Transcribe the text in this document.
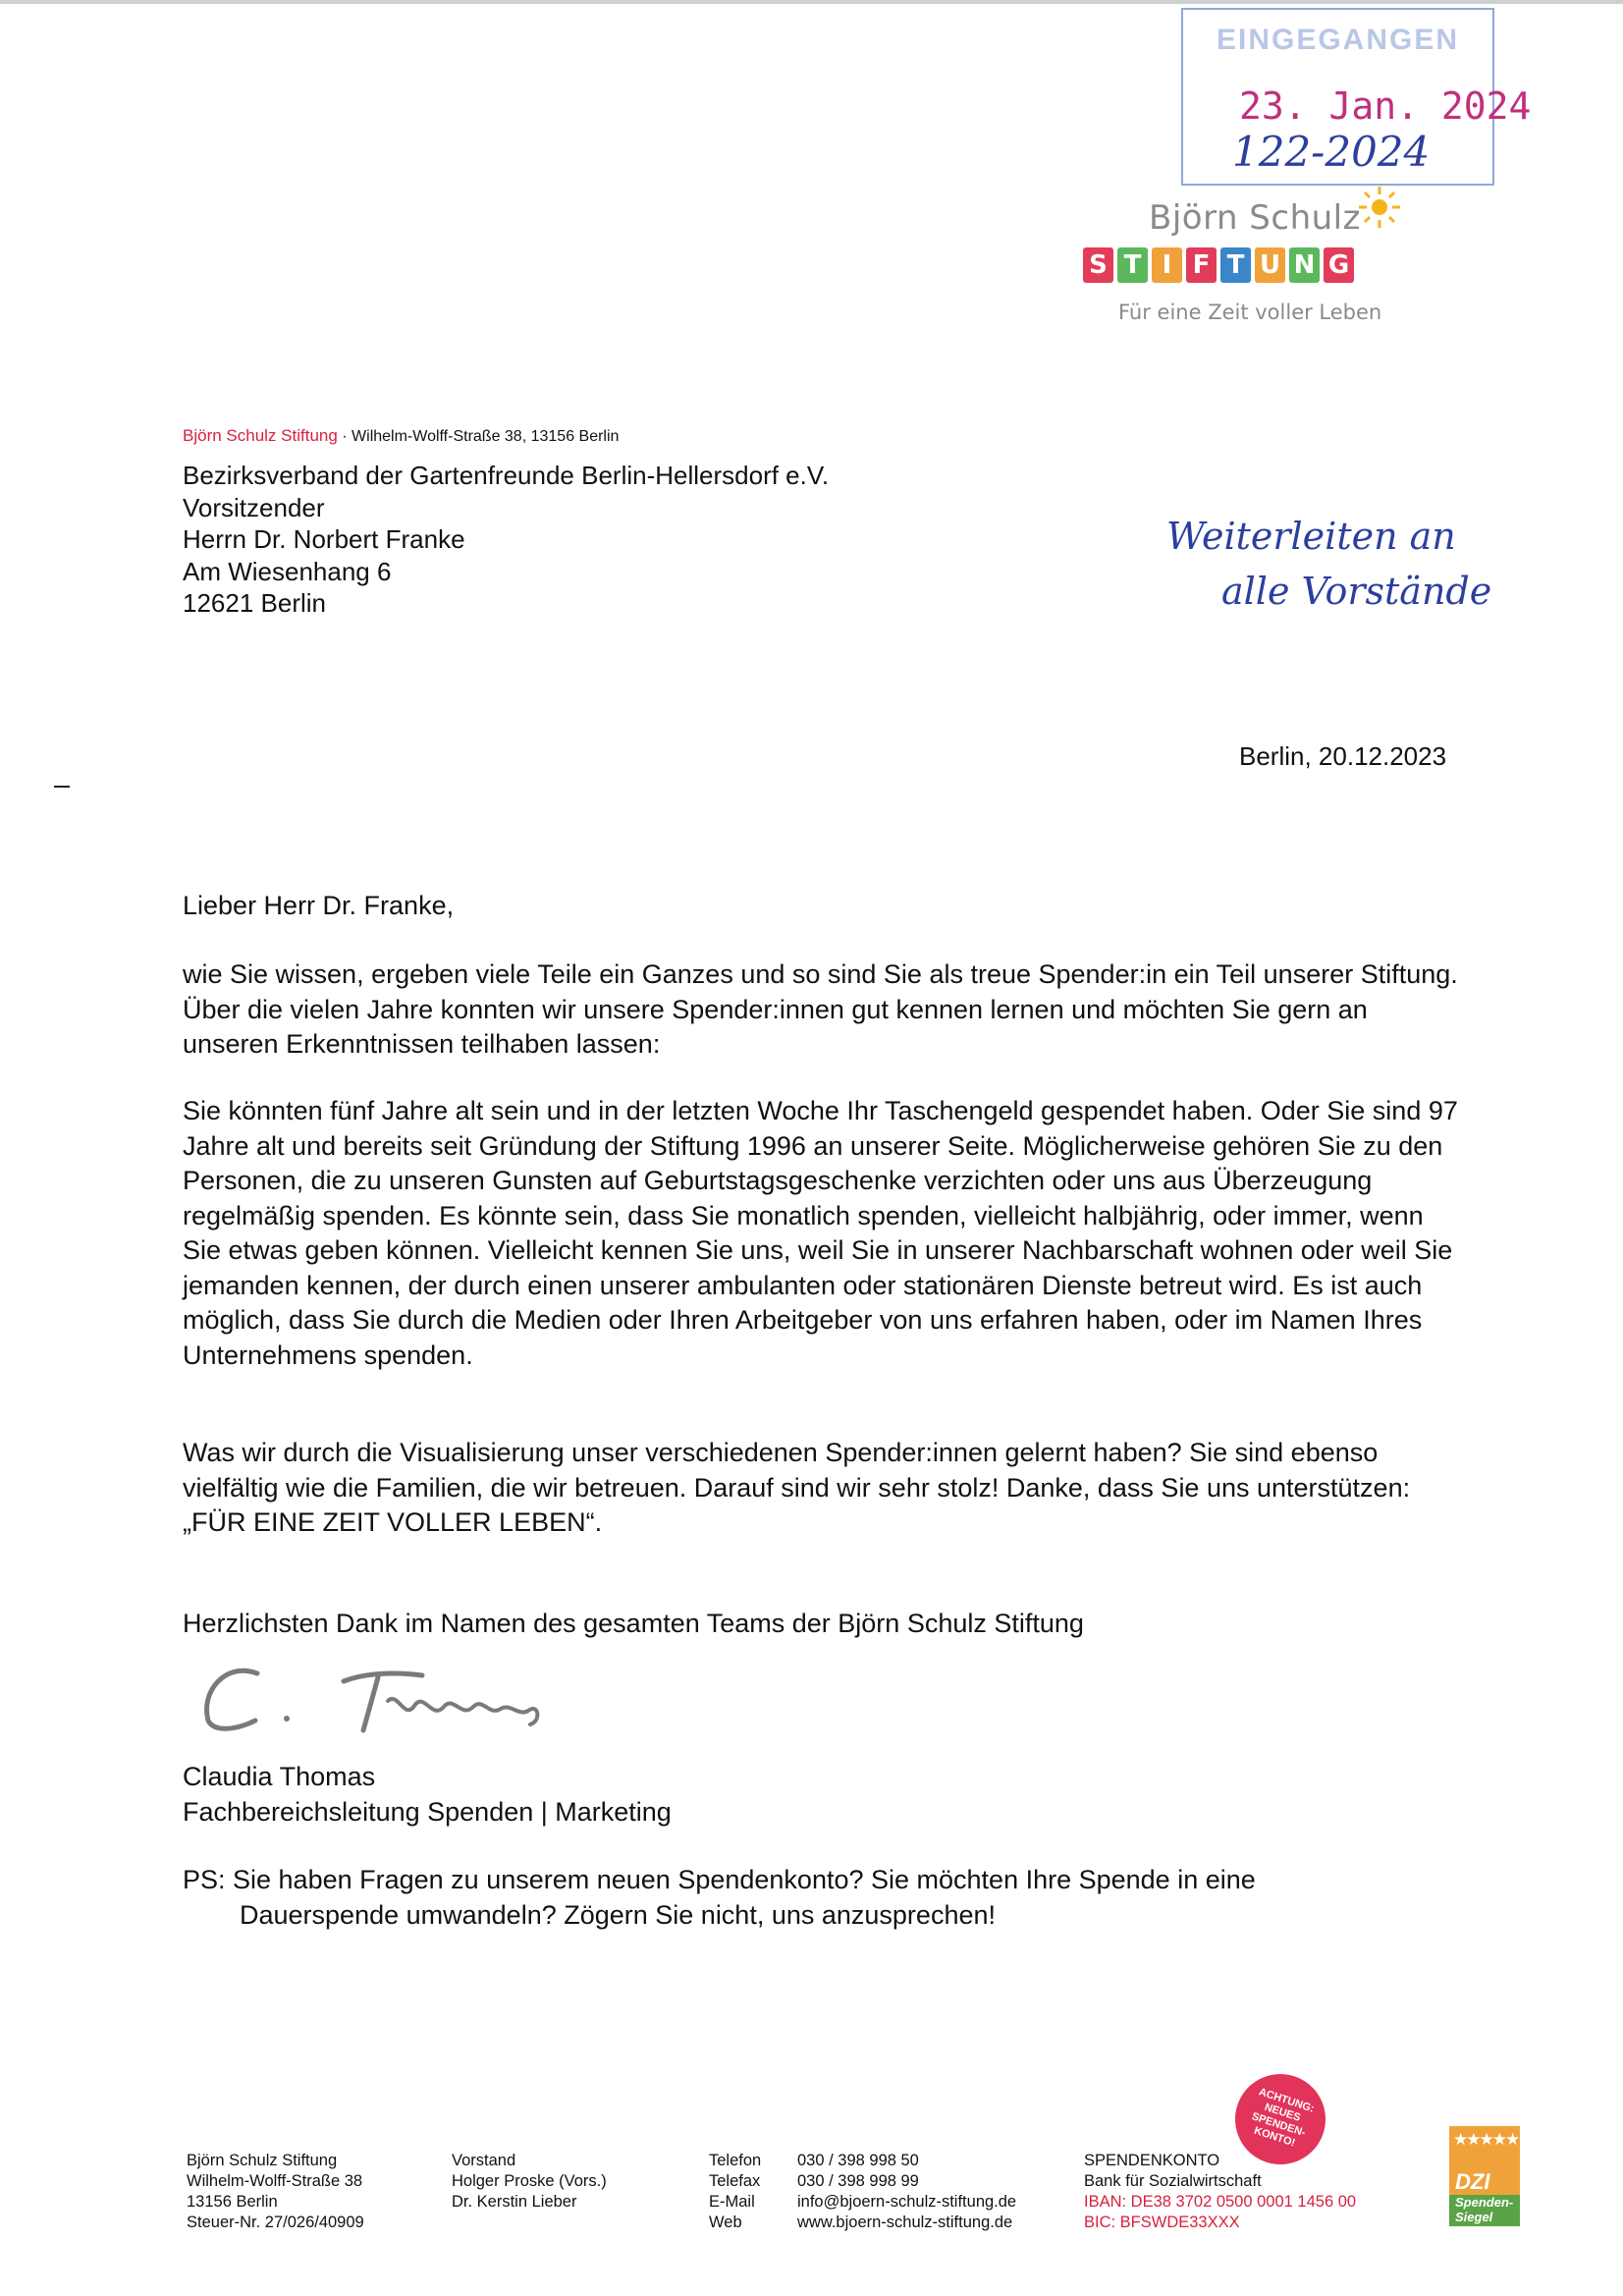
EINGEGANGEN
23. Jan. 2024
122-2024
Björn Schulz
S T I F T U N G
Für eine Zeit voller Leben
Björn Schulz Stiftung · Wilhelm-Wolff-Straße 38, 13156 Berlin
Bezirksverband der Gartenfreunde Berlin-Hellersdorf e.V.
Vorsitzender
Herrn Dr. Norbert Franke
Am Wiesenhang 6
12621 Berlin
Weiterleiten an
alle Vorstände
Berlin, 20.12.2023
Lieber Herr Dr. Franke,
wie Sie wissen, ergeben viele Teile ein Ganzes und so sind Sie als treue Spender:in ein Teil unserer Stiftung. Über die vielen Jahre konnten wir unsere Spender:innen gut kennen lernen und möchten Sie gern an unseren Erkenntnissen teilhaben lassen:
Sie könnten fünf Jahre alt sein und in der letzten Woche Ihr Taschengeld gespendet haben. Oder Sie sind 97 Jahre alt und bereits seit Gründung der Stiftung 1996 an unserer Seite. Möglicherweise gehören Sie zu den Personen, die zu unseren Gunsten auf Geburtstagsgeschenke verzichten oder uns aus Überzeugung regelmäßig spenden. Es könnte sein, dass Sie monatlich spenden, vielleicht halbjährig, oder immer, wenn Sie etwas geben können. Vielleicht kennen Sie uns, weil Sie in unserer Nachbarschaft wohnen oder weil Sie jemanden kennen, der durch einen unserer ambulanten oder stationären Dienste betreut wird. Es ist auch möglich, dass Sie durch die Medien oder Ihren Arbeitgeber von uns erfahren haben, oder im Namen Ihres Unternehmens spenden.
Was wir durch die Visualisierung unser verschiedenen Spender:innen gelernt haben? Sie sind ebenso vielfältig wie die Familien, die wir betreuen. Darauf sind wir sehr stolz! Danke, dass Sie uns unterstützen: „FÜR EINE ZEIT VOLLER LEBEN“.
Herzlichsten Dank im Namen des gesamten Teams der Björn Schulz Stiftung
Claudia Thomas
Fachbereichsleitung Spenden | Marketing
PS: Sie haben Fragen zu unserem neuen Spendenkonto? Sie möchten Ihre Spende in eine
Dauerspende umwandeln? Zögern Sie nicht, uns anzusprechen!
Björn Schulz Stiftung
Wilhelm-Wolff-Straße 38
13156 Berlin
Steuer-Nr. 27/026/40909
Vorstand
Holger Proske (Vors.)
Dr. Kerstin Lieber
Telefon
Telefax
E-Mail
Web
030 / 398 998 50
030 / 398 998 99
info@bjoern-schulz-stiftung.de
www.bjoern-schulz-stiftung.de
SPENDENKONTO
Bank für Sozialwirtschaft
IBAN: DE38 3702 0500 0001 1456 00
BIC: BFSWDE33XXX
ACHTUNG: NEUES SPENDEN-KONTO!	★★★★★
DZI
Spenden-Siegel
